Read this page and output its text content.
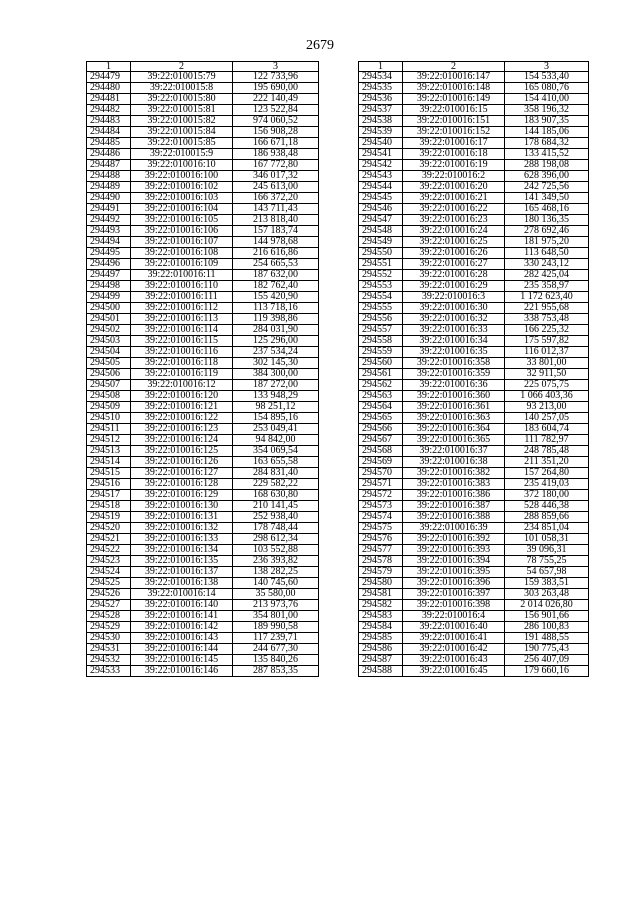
2679
1	2	3
294479	39:22:010015:79	122 733,96
294480	39:22:010015:8	195 690,00
294481	39:22:010015:80	222 140,49
294482	39:22:010015:81	123 522,84
294483	39:22:010015:82	974 060,52
294484	39:22:010015:84	156 908,28
294485	39:22:010015:85	166 671,18
294486	39:22:010015:9	186 938,48
294487	39:22:010016:10	167 772,80
294488	39:22:010016:100	346 017,32
294489	39:22:010016:102	245 613,00
294490	39:22:010016:103	166 372,20
294491	39:22:010016:104	143 711,43
294492	39:22:010016:105	213 818,40
294493	39:22:010016:106	157 183,74
294494	39:22:010016:107	144 978,68
294495	39:22:010016:108	216 616,86
294496	39:22:010016:109	254 665,53
294497	39:22:010016:11	187 632,00
294498	39:22:010016:110	182 762,40
294499	39:22:010016:111	155 420,90
294500	39:22:010016:112	113 718,16
294501	39:22:010016:113	119 398,86
294502	39:22:010016:114	284 031,90
294503	39:22:010016:115	125 296,00
294504	39:22:010016:116	237 534,24
294505	39:22:010016:118	302 145,30
294506	39:22:010016:119	384 300,00
294507	39:22:010016:12	187 272,00
294508	39:22:010016:120	133 948,29
294509	39:22:010016:121	98 251,12
294510	39:22:010016:122	154 895,16
294511	39:22:010016:123	253 049,41
294512	39:22:010016:124	94 842,00
294513	39:22:010016:125	354 069,54
294514	39:22:010016:126	163 655,58
294515	39:22:010016:127	284 831,40
294516	39:22:010016:128	229 582,22
294517	39:22:010016:129	168 630,80
294518	39:22:010016:130	210 141,45
294519	39:22:010016:131	252 938,40
294520	39:22:010016:132	178 748,44
294521	39:22:010016:133	298 612,34
294522	39:22:010016:134	103 552,88
294523	39:22:010016:135	236 393,82
294524	39:22:010016:137	138 282,25
294525	39:22:010016:138	140 745,60
294526	39:22:010016:14	35 580,00
294527	39:22:010016:140	213 973,76
294528	39:22:010016:141	354 801,00
294529	39:22:010016:142	189 990,58
294530	39:22:010016:143	117 239,71
294531	39:22:010016:144	244 677,30
294532	39:22:010016:145	135 840,26
294533	39:22:010016:146	287 853,35
1	2	3
294534	39:22:010016:147	154 533,40
294535	39:22:010016:148	165 080,76
294536	39:22:010016:149	154 410,00
294537	39:22:010016:15	358 196,32
294538	39:22:010016:151	183 907,35
294539	39:22:010016:152	144 185,06
294540	39:22:010016:17	178 684,32
294541	39:22:010016:18	133 415,52
294542	39:22:010016:19	288 198,08
294543	39:22:010016:2	628 396,00
294544	39:22:010016:20	242 725,56
294545	39:22:010016:21	141 349,50
294546	39:22:010016:22	165 468,16
294547	39:22:010016:23	180 136,35
294548	39:22:010016:24	278 692,46
294549	39:22:010016:25	181 975,20
294550	39:22:010016:26	113 648,50
294551	39:22:010016:27	330 243,12
294552	39:22:010016:28	282 425,04
294553	39:22:010016:29	235 358,97
294554	39:22:010016:3	1 172 623,40
294555	39:22:010016:30	221 955,68
294556	39:22:010016:32	338 753,48
294557	39:22:010016:33	166 225,32
294558	39:22:010016:34	175 597,82
294559	39:22:010016:35	116 012,37
294560	39:22:010016:358	33 801,00
294561	39:22:010016:359	32 911,50
294562	39:22:010016:36	225 075,75
294563	39:22:010016:360	1 066 403,36
294564	39:22:010016:361	93 213,00
294565	39:22:010016:363	140 257,05
294566	39:22:010016:364	183 604,74
294567	39:22:010016:365	111 782,97
294568	39:22:010016:37	248 785,48
294569	39:22:010016:38	211 351,20
294570	39:22:010016:382	157 264,80
294571	39:22:010016:383	235 419,03
294572	39:22:010016:386	372 180,00
294573	39:22:010016:387	528 446,38
294574	39:22:010016:388	288 859,66
294575	39:22:010016:39	234 851,04
294576	39:22:010016:392	101 058,31
294577	39:22:010016:393	39 096,31
294578	39:22:010016:394	78 755,25
294579	39:22:010016:395	54 657,98
294580	39:22:010016:396	159 383,51
294581	39:22:010016:397	303 263,48
294582	39:22:010016:398	2 014 026,80
294583	39:22:010016:4	156 901,66
294584	39:22:010016:40	286 100,83
294585	39:22:010016:41	191 488,55
294586	39:22:010016:42	190 775,43
294587	39:22:010016:43	256 407,09
294588	39:22:010016:45	179 660,16
